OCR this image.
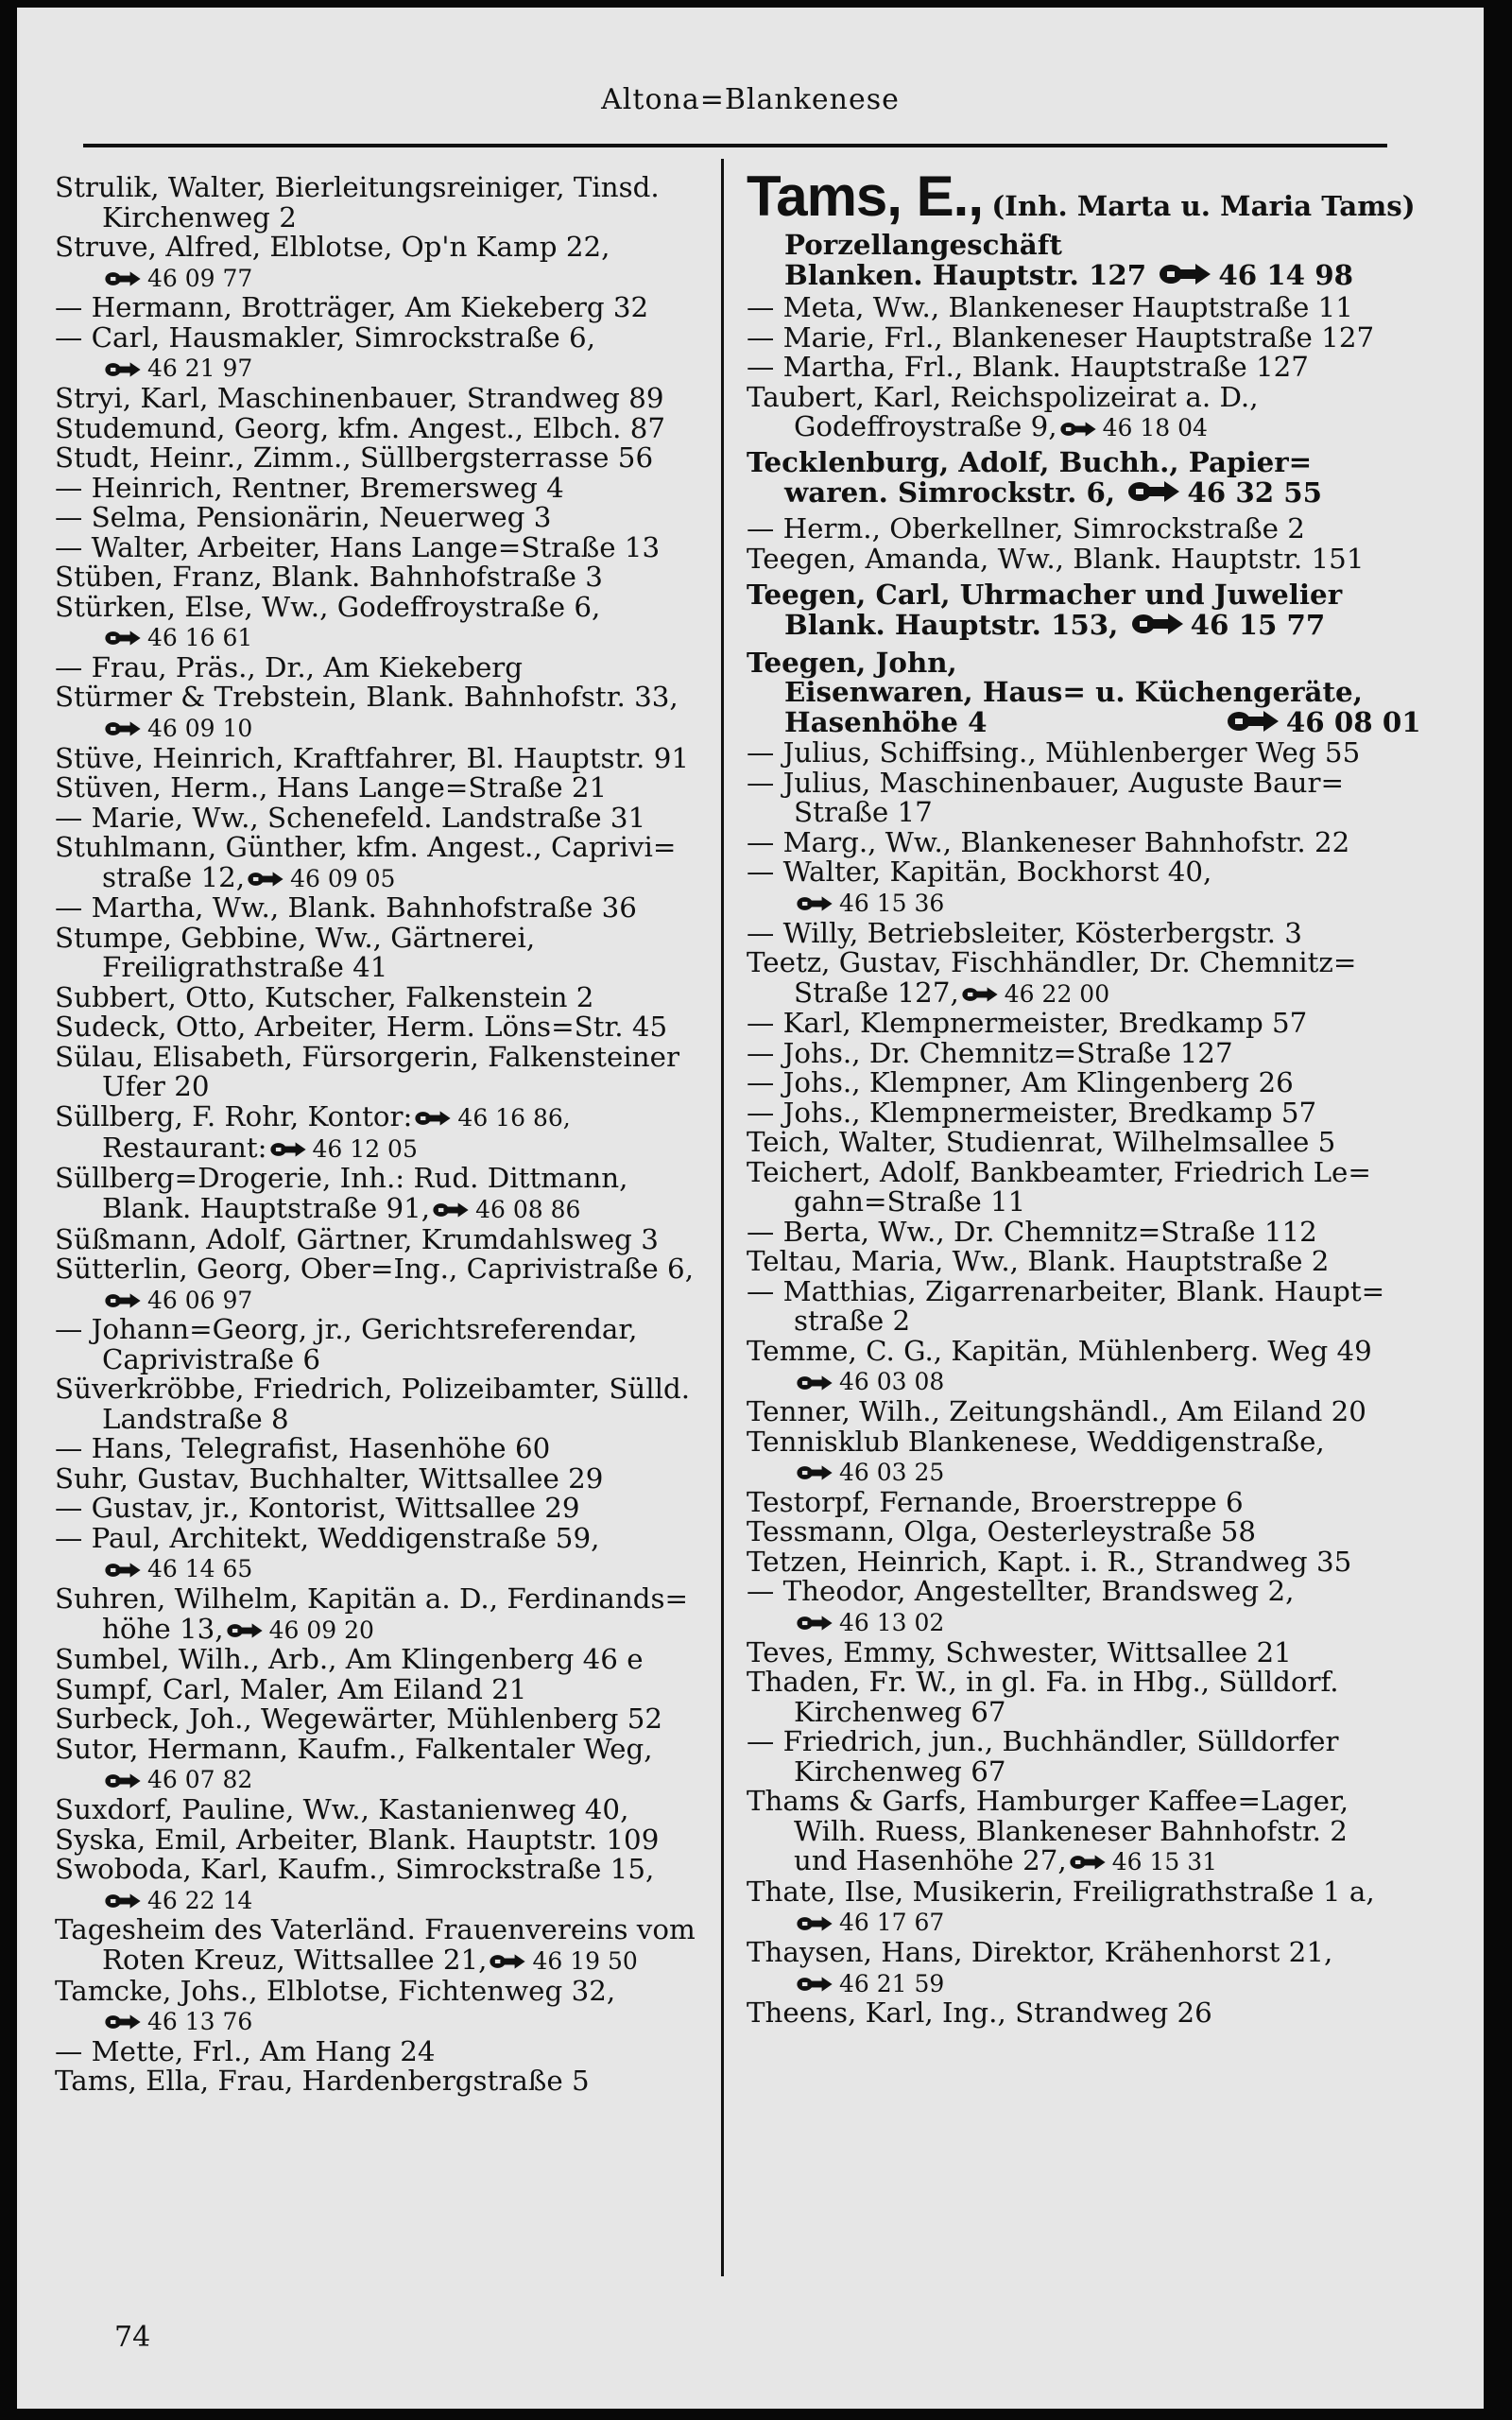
Altona=Blankenese
Strulik, Walter, Bierleitungsreiniger, Tinsd.
Kirchenweg 2
Struve, Alfred, Elblotse, Op'n Kamp 22,
46 09 77
— Hermann, Brotträger, Am Kiekeberg 32
— Carl, Hausmakler, Simrockstraße 6,
46 21 97
Stryi, Karl, Maschinenbauer, Strandweg 89
Studemund, Georg, kfm. Angest., Elbch. 87
Studt, Heinr., Zimm., Süllbergsterrasse 56
— Heinrich, Rentner, Bremersweg 4
— Selma, Pensionärin, Neuerweg 3
— Walter, Arbeiter, Hans Lange=Straße 13
Stüben, Franz, Blank. Bahnhofstraße 3
Stürken, Else, Ww., Godeffroystraße 6,
46 16 61
— Frau, Präs., Dr., Am Kiekeberg
Stürmer & Trebstein, Blank. Bahnhofstr. 33,
46 09 10
Stüve, Heinrich, Kraftfahrer, Bl. Hauptstr. 91
Stüven, Herm., Hans Lange=Straße 21
— Marie, Ww., Schenefeld. Landstraße 31
Stuhlmann, Günther, kfm. Angest., Caprivi=
straße 12, 46 09 05
— Martha, Ww., Blank. Bahnhofstraße 36
Stumpe, Gebbine, Ww., Gärtnerei,
Freiligrathstraße 41
Subbert, Otto, Kutscher, Falkenstein 2
Sudeck, Otto, Arbeiter, Herm. Löns=Str. 45
Sülau, Elisabeth, Fürsorgerin, Falkensteiner
Ufer 20
Süllberg, F. Rohr, Kontor: 46 16 86,
Restaurant: 46 12 05
Süllberg=Drogerie, Inh.: Rud. Dittmann,
Blank. Hauptstraße 91, 46 08 86
Süßmann, Adolf, Gärtner, Krumdahlsweg 3
Sütterlin, Georg, Ober=Ing., Caprivistraße 6,
46 06 97
— Johann=Georg, jr., Gerichtsreferendar,
Caprivistraße 6
Süverkröbbe, Friedrich, Polizeibamter, Sülld.
Landstraße 8
— Hans, Telegrafist, Hasenhöhe 60
Suhr, Gustav, Buchhalter, Wittsallee 29
— Gustav, jr., Kontorist, Wittsallee 29
— Paul, Architekt, Weddigenstraße 59,
46 14 65
Suhren, Wilhelm, Kapitän a. D., Ferdinands=
höhe 13, 46 09 20
Sumbel, Wilh., Arb., Am Klingenberg 46 e
Sumpf, Carl, Maler, Am Eiland 21
Surbeck, Joh., Wegewärter, Mühlenberg 52
Sutor, Hermann, Kaufm., Falkentaler Weg,
46 07 82
Suxdorf, Pauline, Ww., Kastanienweg 40,
Syska, Emil, Arbeiter, Blank. Hauptstr. 109
Swoboda, Karl, Kaufm., Simrockstraße 15,
46 22 14
Tagesheim des Vaterländ. Frauenvereins vom
Roten Kreuz, Wittsallee 21, 46 19 50
Tamcke, Johs., Elblotse, Fichtenweg 32,
46 13 76
— Mette, Frl., Am Hang 24
Tams, Ella, Frau, Hardenbergstraße 5
Tams, E., (Inh. Marta u. Maria Tams)
Porzellangeschäft
Blanken. Hauptstr. 127	46 14 98
— Meta, Ww., Blankeneser Hauptstraße 11
— Marie, Frl., Blankeneser Hauptstraße 127
— Martha, Frl., Blank. Hauptstraße 127
Taubert, Karl, Reichspolizeirat a. D.,
Godeffroystraße 9, 46 18 04
Tecklenburg, Adolf, Buchh., Papier=
waren. Simrockstr. 6,	46 32 55
— Herm., Oberkellner, Simrockstraße 2
Teegen, Amanda, Ww., Blank. Hauptstr. 151
Teegen, Carl, Uhrmacher und Juwelier
Blank. Hauptstr. 153,	46 15 77
Teegen, John,
Eisenwaren, Haus= u. Küchengeräte,
Hasenhöhe 4	46 08 01
— Julius, Schiffsing., Mühlenberger Weg 55
— Julius, Maschinenbauer, Auguste Baur=
Straße 17
— Marg., Ww., Blankeneser Bahnhofstr. 22
— Walter, Kapitän, Bockhorst 40,
46 15 36
— Willy, Betriebsleiter, Kösterbergstr. 3
Teetz, Gustav, Fischhändler, Dr. Chemnitz=
Straße 127, 46 22 00
— Karl, Klempnermeister, Bredkamp 57
— Johs., Dr. Chemnitz=Straße 127
— Johs., Klempner, Am Klingenberg 26
— Johs., Klempnermeister, Bredkamp 57
Teich, Walter, Studienrat, Wilhelmsallee 5
Teichert, Adolf, Bankbeamter, Friedrich Le=
gahn=Straße 11
— Berta, Ww., Dr. Chemnitz=Straße 112
Teltau, Maria, Ww., Blank. Hauptstraße 2
— Matthias, Zigarrenarbeiter, Blank. Haupt=
straße 2
Temme, C. G., Kapitän, Mühlenberg. Weg 49
46 03 08
Tenner, Wilh., Zeitungshändl., Am Eiland 20
Tennisklub Blankenese, Weddigenstraße,
46 03 25
Testorpf, Fernande, Broerstreppe 6
Tessmann, Olga, Oesterleystraße 58
Tetzen, Heinrich, Kapt. i. R., Strandweg 35
— Theodor, Angestellter, Brandsweg 2,
46 13 02
Teves, Emmy, Schwester, Wittsallee 21
Thaden, Fr. W., in gl. Fa. in Hbg., Sülldorf.
Kirchenweg 67
— Friedrich, jun., Buchhändler, Sülldorfer
Kirchenweg 67
Thams & Garfs, Hamburger Kaffee=Lager,
Wilh. Ruess, Blankeneser Bahnhofstr. 2
und Hasenhöhe 27, 46 15 31
Thate, Ilse, Musikerin, Freiligrathstraße 1 a,
46 17 67
Thaysen, Hans, Direktor, Krähenhorst 21,
46 21 59
Theens, Karl, Ing., Strandweg 26
74
